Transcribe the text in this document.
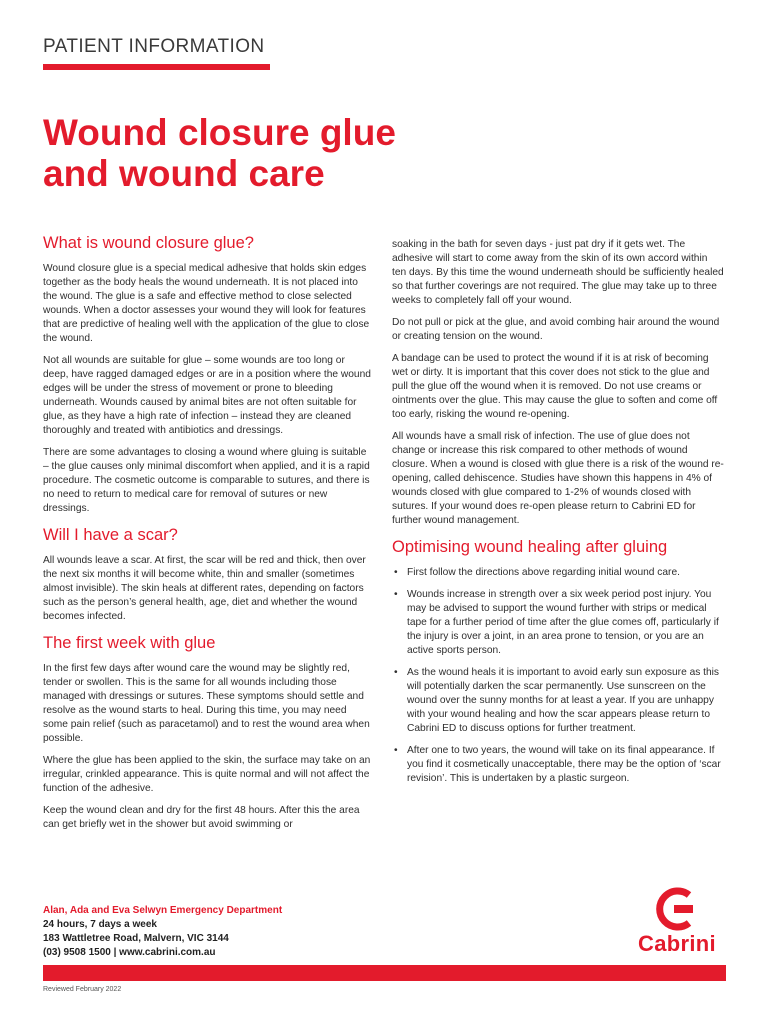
PATIENT INFORMATION
Wound closure glue
and wound care
What is wound closure glue?

Wound closure glue is a special medical adhesive that holds skin edges together as the body heals the wound underneath. It is not placed into the wound. The glue is a safe and effective method to close selected wounds. When a doctor assesses your wound they will look for features that are predictive of healing well with the application of the glue to close the wound.

Not all wounds are suitable for glue – some wounds are too long or deep, have ragged damaged edges or are in a position where the wound edges will be under the stress of movement or prone to bleeding underneath. Wounds caused by animal bites are not often suitable for glue, as they have a high rate of infection – instead they are cleaned thoroughly and treated with antibiotics and dressings.

There are some advantages to closing a wound where gluing is suitable – the glue causes only minimal discomfort when applied, and it is a rapid procedure. The cosmetic outcome is comparable to sutures, and there is no need to return to medical care for removal of sutures or new dressings.

Will I have a scar?

All wounds leave a scar. At first, the scar will be red and thick, then over the next six months it will become white, thin and smaller (sometimes almost invisible). The skin heals at different rates, depending on factors such as the person’s general health, age, diet and whether the wound becomes infected.

The first week with glue

In the first few days after wound care the wound may be slightly red, tender or swollen. This is the same for all wounds including those managed with dressings or sutures. These symptoms should settle and resolve as the wound starts to heal. During this time, you may need some pain relief (such as paracetamol) and to rest the wound area when possible.

Where the glue has been applied to the skin, the surface may take on an irregular, crinkled appearance. This is quite normal and will not affect the function of the adhesive.

Keep the wound clean and dry for the first 48 hours. After this the area can get briefly wet in the shower but avoid swimming or

soaking in the bath for seven days - just pat dry if it gets wet. The adhesive will start to come away from the skin of its own accord within ten days. By this time the wound underneath should be sufficiently healed so that further coverings are not required. The glue may take up to three weeks to completely fall off your wound.

Do not pull or pick at the glue, and avoid combing hair around the wound or creating tension on the wound.

A bandage can be used to protect the wound if it is at risk of becoming wet or dirty. It is important that this cover does not stick to the glue and pull the glue off the wound when it is removed. Do not use creams or ointments over the glue. This may cause the glue to soften and come off too early, risking the wound re-opening.

All wounds have a small risk of infection. The use of glue does not change or increase this risk compared to other methods of wound closure. When a wound is closed with glue there is a risk of the wound re-opening, called dehiscence. Studies have shown this happens in 4% of wounds closed with glue compared to 1-2% of wounds closed with sutures. If your wound does re-open please return to Cabrini ED for further wound management.

Optimising wound healing after gluing
• First follow the directions above regarding initial wound care.
• Wounds increase in strength over a six week period post injury. You may be advised to support the wound further with strips or medical tape for a further period of time after the glue comes off, particularly if the injury is over a joint, in an area prone to tension, or you are an active sports person.
• As the wound heals it is important to avoid early sun exposure as this will potentially darken the scar permanently. Use sunscreen on the wound over the sunny months for at least a year. If you are unhappy with your wound healing and how the scar appears please return to Cabrini ED to discuss options for further treatment.
• After one to two years, the wound will take on its final appearance. If you find it cosmetically unacceptable, there may be the option of ‘scar revision’. This is undertaken by a plastic surgeon.
Alan, Ada and Eva Selwyn Emergency Department
24 hours, 7 days a week
183 Wattletree Road, Malvern, VIC 3144
(03) 9508 1500 | www.cabrini.com.au	Cabrini
Reviewed February 2022
